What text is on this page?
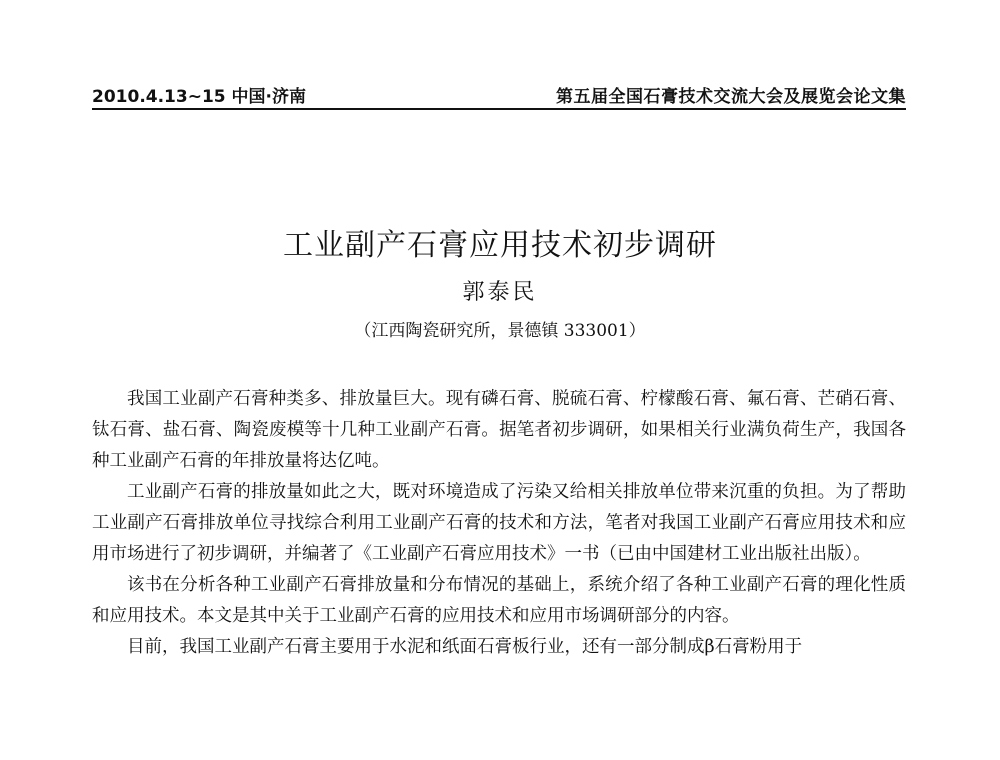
2010.4.13~15 中国·济南	第五届全国石膏技术交流大会及展览会论文集
工业副产石膏应用技术初步调研
郭泰民
（江西陶瓷研究所，景德镇 333001）

我国工业副产石膏种类多、排放量巨大。现有磷石膏、脱硫石膏、柠檬酸石膏、氟石膏、芒硝石膏、钛石膏、盐石膏、陶瓷废模等十几种工业副产石膏。据笔者初步调研，如果相关行业满负荷生产，我国各种工业副产石膏的年排放量将达亿吨。

工业副产石膏的排放量如此之大，既对环境造成了污染又给相关排放单位带来沉重的负担。为了帮助工业副产石膏排放单位寻找综合利用工业副产石膏的技术和方法，笔者对我国工业副产石膏应用技术和应用市场进行了初步调研，并编著了《工业副产石膏应用技术》一书（已由中国建材工业出版社出版）。

该书在分析各种工业副产石膏排放量和分布情况的基础上，系统介绍了各种工业副产石膏的理化性质和应用技术。本文是其中关于工业副产石膏的应用技术和应用市场调研部分的内容。

目前，我国工业副产石膏主要用于水泥和纸面石膏板行业，还有一部分制成β石膏粉用于
